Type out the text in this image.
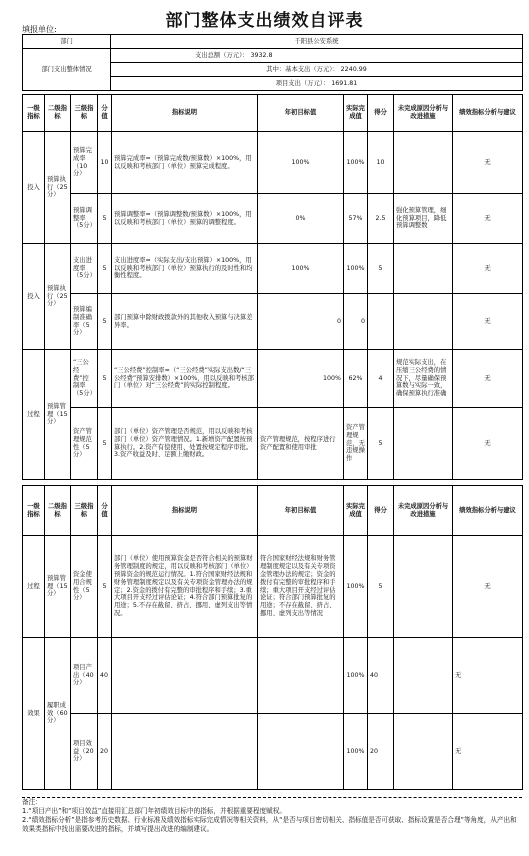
部门整体支出绩效自评表
填报单位:
部门	千阳县公安系统
部门支出整体情况	支出总额（万元）： 3932.8
	其中：基本支出（万元）： 2240.99
	项目支出（万元）： 1691.81
一级指标	二级指标	三级指标	分值	指标说明	年初目标值	实际完成值	得分	未完成原因分析与改进措施	绩效指标分析与建议
投入	预算执行（25分）	预算完成率（10分）	10	预算完成率=（预算完成数/预算数）×100%，用以反映和考核部门（单位）预算完成程度。	100%	100%	10		无
		预算调整率（5分）	5	预算调整率=（预算调整数/预算数）×100%，用以反映和考核部门（单位）预算的调整程度。	0%	57%	2.5	强化预算管理，细化预算项目，降低预算调整数	无
投入	预算执行（25分）	支出进度率（5分）	5	支出进度率=（实际支出/支出预算）×100%，用以反映和考核部门（单位）预算执行的及时性和均衡性程度。	100%	100%	5		无
		预算编制准确率（5分）	5	部门预算中除财政拨款外的其他收入预算与决算差异率。	0	0			无
过程	预算管理（15分）	“三公经费”控制率（5分）	5	“三公经费”控制率=（“三公经费”实际支出数/“三公经费”预算安排数）×100%，用以反映和考核部门（单位）对“三公经费”的实际控制程度。	100%	62%	4	规范实际支出，在压缩三公经费的情况下，尽量确保预算数与实际一致，确保预算执行准确	无
		资产管理规范性（5分）	5	部门（单位）资产管理是否规范，用以反映和考核部门（单位）资产管理情况。1.新增资产配置按预算执行。2.资产有偿使用、处置按规定程序审批。3.资产收益及时、足额上缴财政。	资产管理规范，按程序进行资产配置和使用审批	资产管理规范，无违规操作	5		无
一级指标	二级指标	三级指标	分值	指标说明	年初目标值	实际完成值	得分	未完成原因分析与改进措施	绩效指标分析与建议
过程	预算管理（15分）	资金使用合规性（5分）	5	部门（单位）使用预算资金是否符合相关的预算财务管理制度的规定，用以反映和考核部门（单位）预算资金的规范运行情况。1.符合国家财经法规和财务管理制度规定以及有关专项资金管理办法的规定；2.资金的拨付有完整的审批程序和手续；3.重大项目开支经过评估论证；4.符合部门预算批复的用途；5.不存在截留、挤占、挪用、虚列支出等情况。	符合国家财经法规和财务管理制度规定以及有关专项资金管理办法的规定；资金的拨付有完整的审批程序和手续；重大项目开支经过评估论证；符合部门预算批复的用途；不存在截留、挤占、挪用、虚列支出等情况	100%	5		无
效果	履职成效（60分）	项目产出（40分）	40			100%	40		无
		项目效益（20分）	20			100%	20		无
备注：
1.“项目产出”和“项目效益”直接用汇总部门年初绩效目标中的指标，并根据重要程度赋权。
2.“绩效指标分析”是指参考历史数据、行业标准及绩效指标实际完成情况等相关资料，从“是否与项目密切相关、指标值是否可获取、指标设置是否合理”等角度，从产出和效果类指标中找出需要改进的指标，并填写提出改进的编制建议。
